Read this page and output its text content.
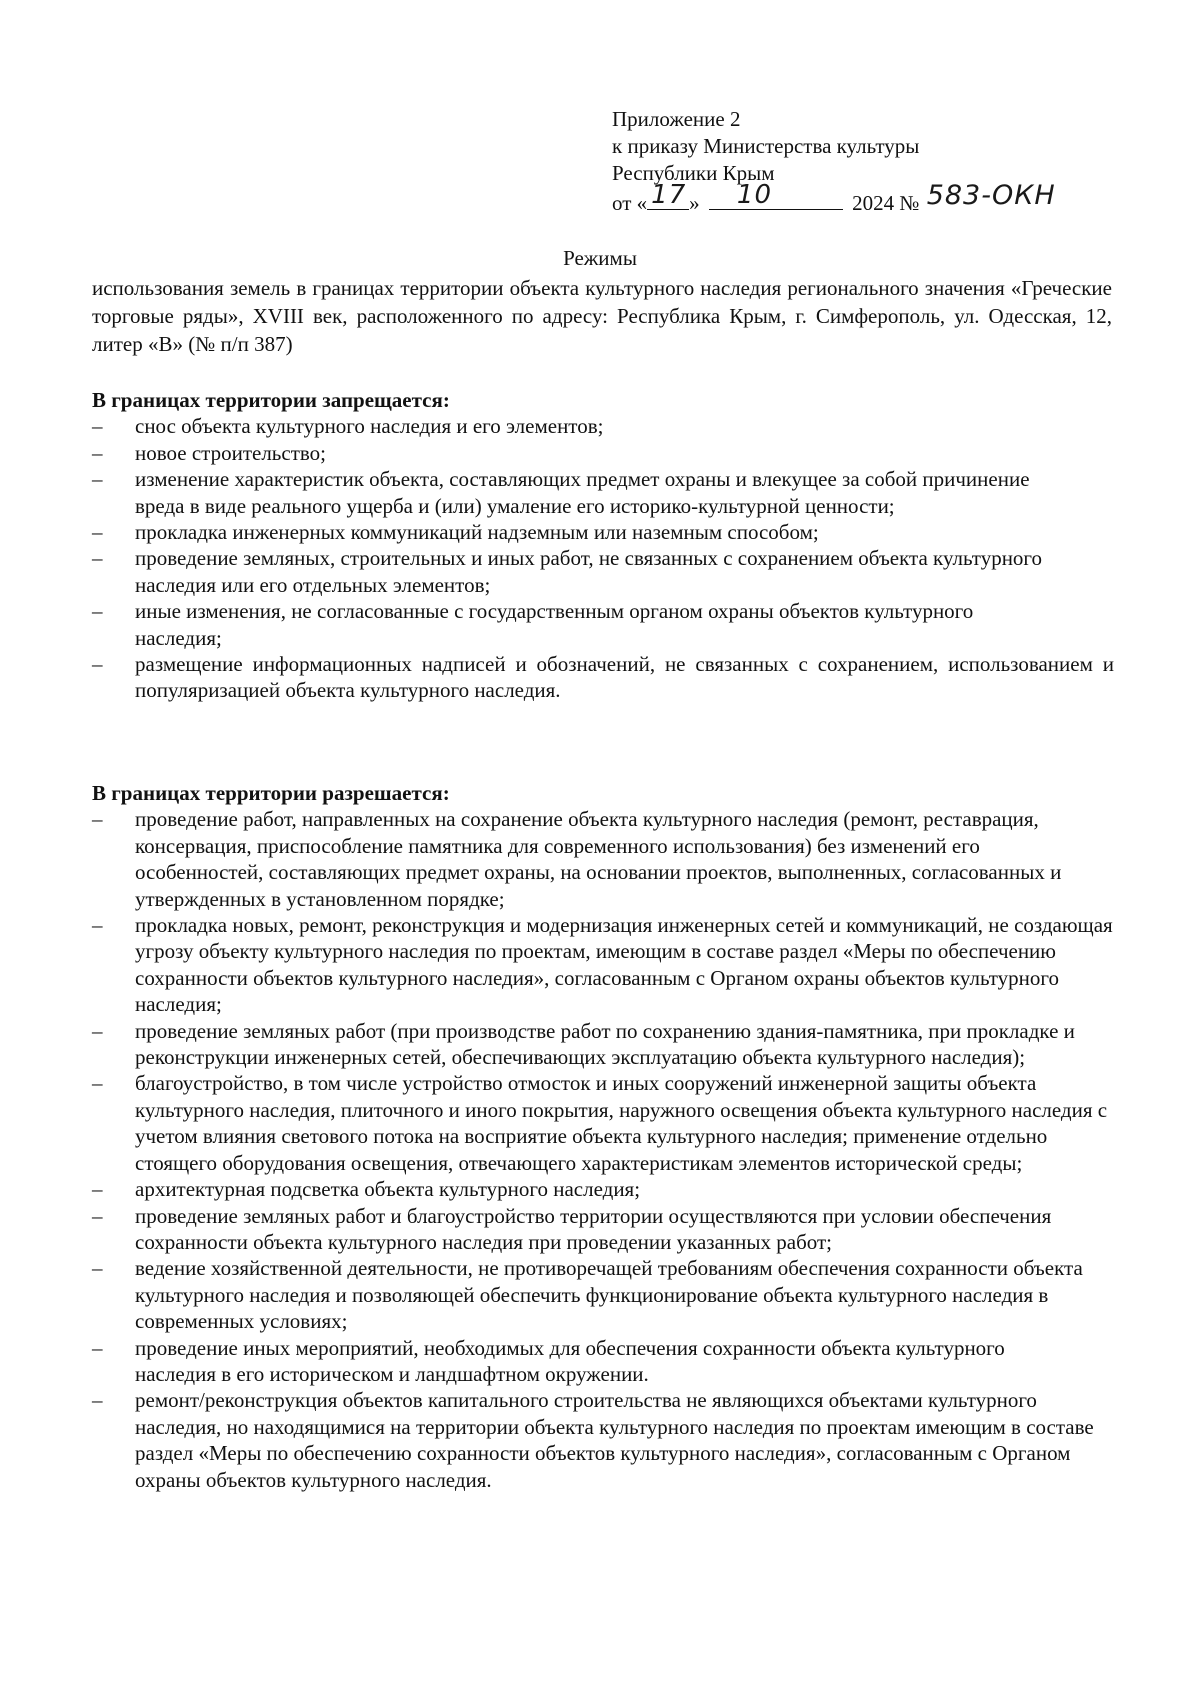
Приложение 2
к приказу Министерства культуры
Республики Крым
от « 17 » 10	2024 № 583-ОКН
Режимы
использования земель в границах территории объекта культурного наследия регионального значения «Греческие торговые ряды», XVIII век, расположенного по адресу: Республика Крым, г. Симферополь, ул. Одесская, 12, литер «В» (№ п/п 387)

В границах территории запрещается:

– снос объекта культурного наследия и его элементов;
– новое строительство;
– изменение характеристик объекта, составляющих предмет охраны и влекущее за собой причинение вреда в виде реального ущерба и (или) умаление его историко-культурной ценности;
– прокладка инженерных коммуникаций надземным или наземным способом;
– проведение земляных, строительных и иных работ, не связанных с сохранением объекта культурного наследия или его отдельных элементов;
– иные изменения, не согласованные с государственным органом охраны объектов культурного наследия;
– размещение информационных надписей и обозначений, не связанных с сохранением, использованием и популяризацией объекта культурного наследия.

В границах территории разрешается:

– проведение работ, направленных на сохранение объекта культурного наследия (ремонт, реставрация, консервация, приспособление памятника для современного использования) без изменений его особенностей, составляющих предмет охраны, на основании проектов, выполненных, согласованных и утвержденных в установленном порядке;
– прокладка новых, ремонт, реконструкция и модернизация инженерных сетей и коммуникаций, не создающая угрозу объекту культурного наследия по проектам, имеющим в составе раздел «Меры по обеспечению сохранности объектов культурного наследия», согласованным с Органом охраны объектов культурного наследия;
– проведение земляных работ (при производстве работ по сохранению здания-памятника, при прокладке и реконструкции инженерных сетей, обеспечивающих эксплуатацию объекта культурного наследия);
– благоустройство, в том числе устройство отмосток и иных сооружений инженерной защиты объекта культурного наследия, плиточного и иного покрытия, наружного освещения объекта культурного наследия с учетом влияния светового потока на восприятие объекта культурного наследия; применение отдельно стоящего оборудования освещения, отвечающего характеристикам элементов исторической среды;
– архитектурная подсветка объекта культурного наследия;
– проведение земляных работ и благоустройство территории осуществляются при условии обеспечения сохранности объекта культурного наследия при проведении указанных работ;
– ведение хозяйственной деятельности, не противоречащей требованиям обеспечения сохранности объекта культурного наследия и позволяющей обеспечить функционирование объекта культурного наследия в современных условиях;
– проведение иных мероприятий, необходимых для обеспечения сохранности объекта культурного наследия в его историческом и ландшафтном окружении.
– ремонт/реконструкция объектов капитального строительства не являющихся объектами культурного наследия, но находящимися на территории объекта культурного наследия по проектам имеющим в составе раздел «Меры по обеспечению сохранности объектов культурного наследия», согласованным с Органом охраны объектов культурного наследия.
